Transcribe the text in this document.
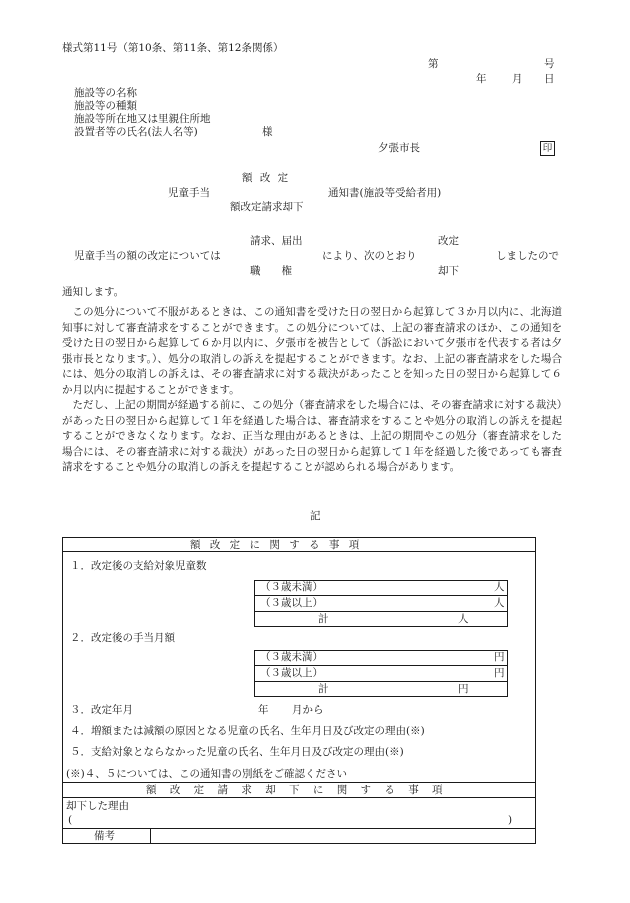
様式第11号（第10条、第11条、第12条関係）
第	号
年 月 日
施設等の名称
施設等の種類
施設等所在地又は里親住所地
設置者等の氏名(法人名等)	様
夕張市長	印
額 改 定
児童手当	通知書(施設等受給者用)
額改定請求却下
請求、届出	改定
児童手当の額の改定については	により、次のとおり	しましたので
職　　権	却下
通知します。

この処分について不服があるときは、この通知書を受けた日の翌日から起算して３か月以内に、北海道知事に対して審査請求をすることができます。この処分については、上記の審査請求のほか、この通知を受けた日の翌日から起算して６か月以内に、夕張市を被告として（訴訟において夕張市を代表する者は夕張市長となります。）、処分の取消しの訴えを提起することができます。なお、上記の審査請求をした場合には、処分の取消しの訴えは、その審査請求に対する裁決があったことを知った日の翌日から起算して６か月以内に提起することができます。

ただし、上記の期間が経過する前に、この処分（審査請求をした場合には、その審査請求に対する裁決）があった日の翌日から起算して１年を経過した場合は、審査請求をすることや処分の取消しの訴えを提起することができなくなります。なお、正当な理由があるときは、上記の期間やこの処分（審査請求をした場合には、その審査請求に対する裁決）があった日の翌日から起算して１年を経過した後であっても審査請求をすることや処分の取消しの訴えを提起することが認められる場合があります。

記
額 改 定 に 関 す る 事 項
１．改定後の支給対象児童数
（３歳未満）	人
（３歳以上）	人
計	人
２．改定後の手当月額
（３歳未満）	円
（３歳以上）	円
計	円
３．改定年月	年 月から
４．増額または減額の原因となる児童の氏名、生年月日及び改定の理由(※)
５．支給対象とならなかった児童の氏名、生年月日及び改定の理由(※)
(※)４、５については、この通知書の別紙をご確認ください
額 改 定 請 求 却 下 に 関 す る 事 項
却下した理由
(	)
備考
